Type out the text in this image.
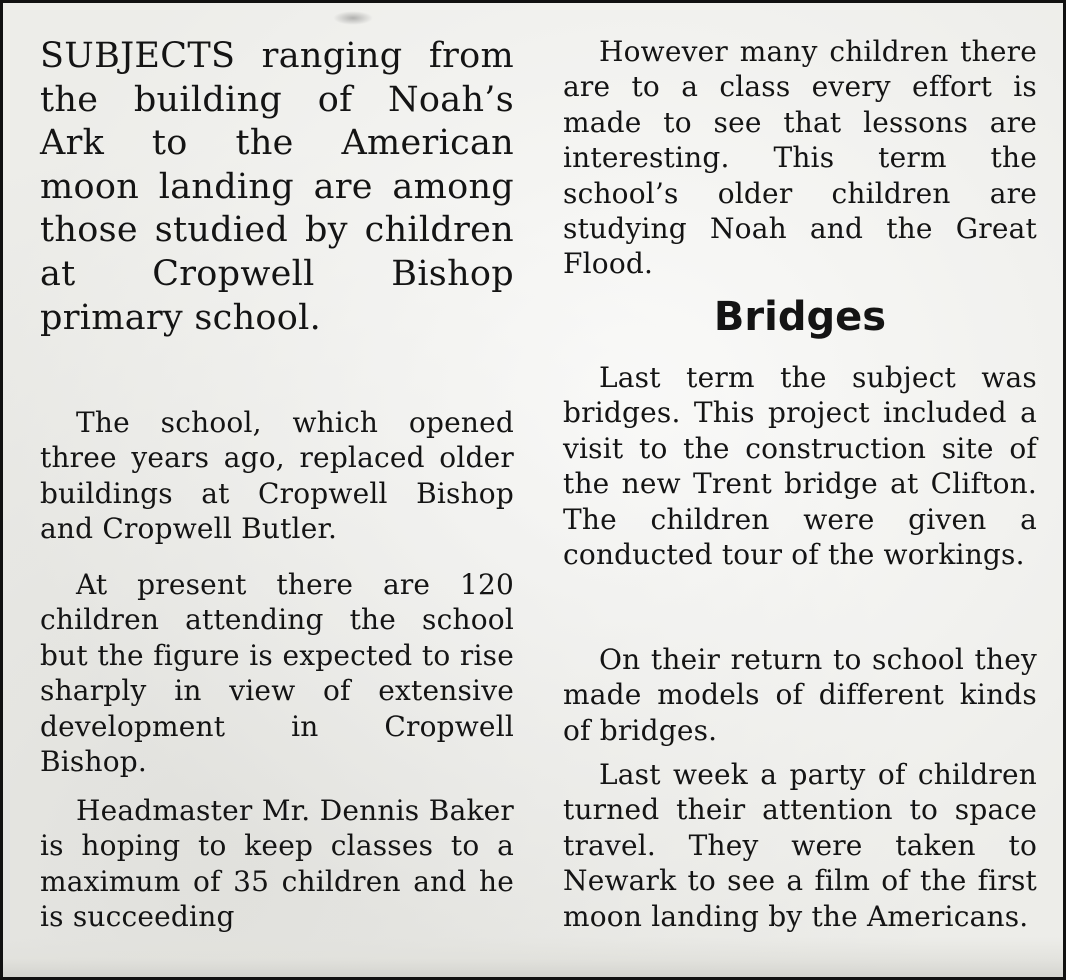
SUBJECTS ranging from the building of Noah’s Ark to the American moon landing are among those studied by children at Cropwell Bishop primary school.

The school, which opened three years ago, replaced older buildings at Cropwell Bishop and Cropwell Butler.

At present there are 120 children attending the school but the figure is expected to rise sharply in view of extensive development in Cropwell Bishop.

Headmaster Mr. Dennis Baker is hoping to keep classes to a maximum of 35 children and he is succeeding

However many children there are to a class every effort is made to see that lessons are interesting. This term the school’s older children are studying Noah and the Great Flood.

Bridges

Last term the subject was bridges. This project included a visit to the construction site of the new Trent bridge at Clifton. The children were given a conducted tour of the workings.

On their return to school they made models of different kinds of bridges.

Last week a party of children turned their attention to space travel. They were taken to Newark to see a film of the first moon landing by the Americans.
